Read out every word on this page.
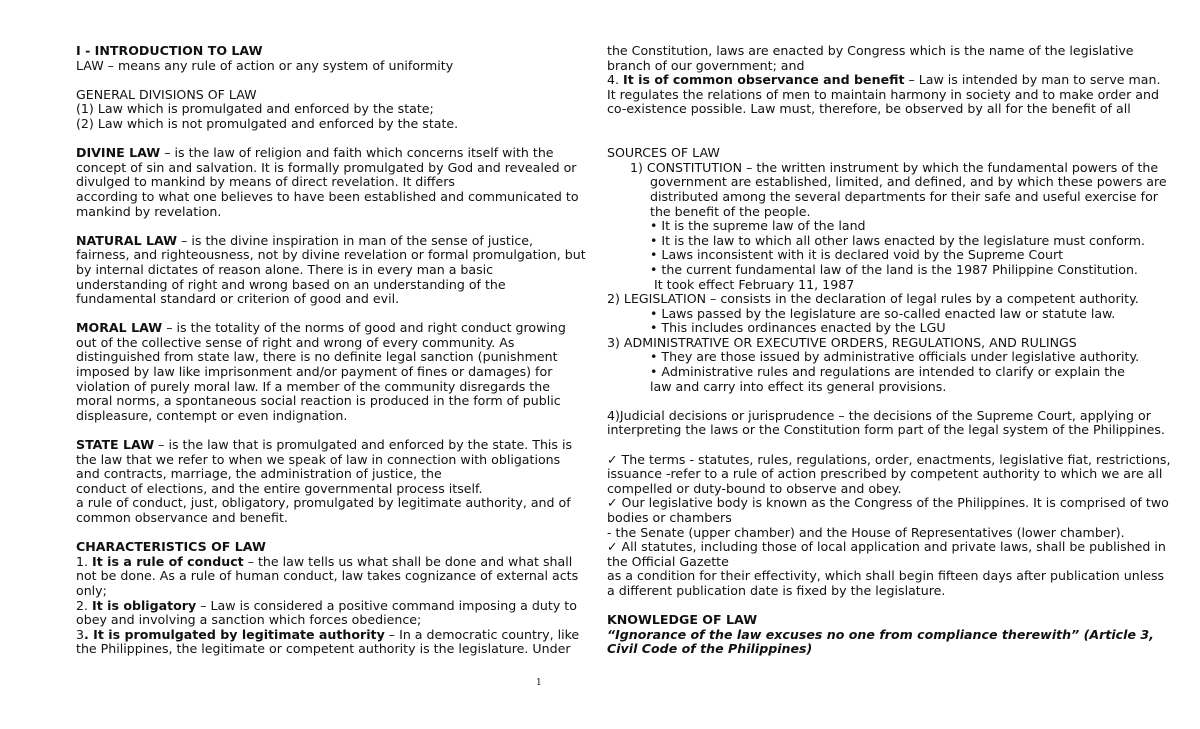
I - INTRODUCTION TO LAW
LAW – means any rule of action or any system of uniformity
GENERAL DIVISIONS OF LAW
(1) Law which is promulgated and enforced by the state;
(2) Law which is not promulgated and enforced by the state.
DIVINE LAW – is the law of religion and faith which concerns itself with the
concept of sin and salvation. It is formally promulgated by God and revealed or
divulged to mankind by means of direct revelation. It differs
according to what one believes to have been established and communicated to
mankind by revelation.
NATURAL LAW – is the divine inspiration in man of the sense of justice,
fairness, and righteousness, not by divine revelation or formal promulgation, but
by internal dictates of reason alone. There is in every man a basic
understanding of right and wrong based on an understanding of the
fundamental standard or criterion of good and evil.
MORAL LAW – is the totality of the norms of good and right conduct growing
out of the collective sense of right and wrong of every community. As
distinguished from state law, there is no definite legal sanction (punishment
imposed by law like imprisonment and/or payment of fines or damages) for
violation of purely moral law. If a member of the community disregards the
moral norms, a spontaneous social reaction is produced in the form of public
displeasure, contempt or even indignation.
STATE LAW – is the law that is promulgated and enforced by the state. This is
the law that we refer to when we speak of law in connection with obligations
and contracts, marriage, the administration of justice, the
conduct of elections, and the entire governmental process itself.
a rule of conduct, just, obligatory, promulgated by legitimate authority, and of
common observance and benefit.
CHARACTERISTICS OF LAW
1. It is a rule of conduct – the law tells us what shall be done and what shall
not be done. As a rule of human conduct, law takes cognizance of external acts
only;
2. It is obligatory – Law is considered a positive command imposing a duty to
obey and involving a sanction which forces obedience;
3. It is promulgated by legitimate authority – In a democratic country, like
the Philippines, the legitimate or competent authority is the legislature. Under
the Constitution, laws are enacted by Congress which is the name of the legislative
branch of our government; and
4. It is of common observance and benefit – Law is intended by man to serve man.
It regulates the relations of men to maintain harmony in society and to make order and
co-existence possible. Law must, therefore, be observed by all for the benefit of all
SOURCES OF LAW
1) CONSTITUTION – the written instrument by which the fundamental powers of the
government are established, limited, and defined, and by which these powers are
distributed among the several departments for their safe and useful exercise for
the benefit of the people.
• It is the supreme law of the land
• It is the law to which all other laws enacted by the legislature must conform.
• Laws inconsistent with it is declared void by the Supreme Court
• the current fundamental law of the land is the 1987 Philippine Constitution.
It took effect February 11, 1987
2) LEGISLATION – consists in the declaration of legal rules by a competent authority.
• Laws passed by the legislature are so-called enacted law or statute law.
• This includes ordinances enacted by the LGU
3) ADMINISTRATIVE OR EXECUTIVE ORDERS, REGULATIONS, AND RULINGS
• They are those issued by administrative officials under legislative authority.
• Administrative rules and regulations are intended to clarify or explain the
law and carry into effect its general provisions.
4)Judicial decisions or jurisprudence – the decisions of the Supreme Court, applying or
interpreting the laws or the Constitution form part of the legal system of the Philippines.
✓ The terms - statutes, rules, regulations, order, enactments, legislative fiat, restrictions,
issuance -refer to a rule of action prescribed by competent authority to which we are all
compelled or duty-bound to observe and obey.
✓ Our legislative body is known as the Congress of the Philippines. It is comprised of two
bodies or chambers
- the Senate (upper chamber) and the House of Representatives (lower chamber).
✓ All statutes, including those of local application and private laws, shall be published in
the Official Gazette
as a condition for their effectivity, which shall begin fifteen days after publication unless
a different publication date is fixed by the legislature.
KNOWLEDGE OF LAW
“Ignorance of the law excuses no one from compliance therewith” (Article 3,
Civil Code of the Philippines)
1
